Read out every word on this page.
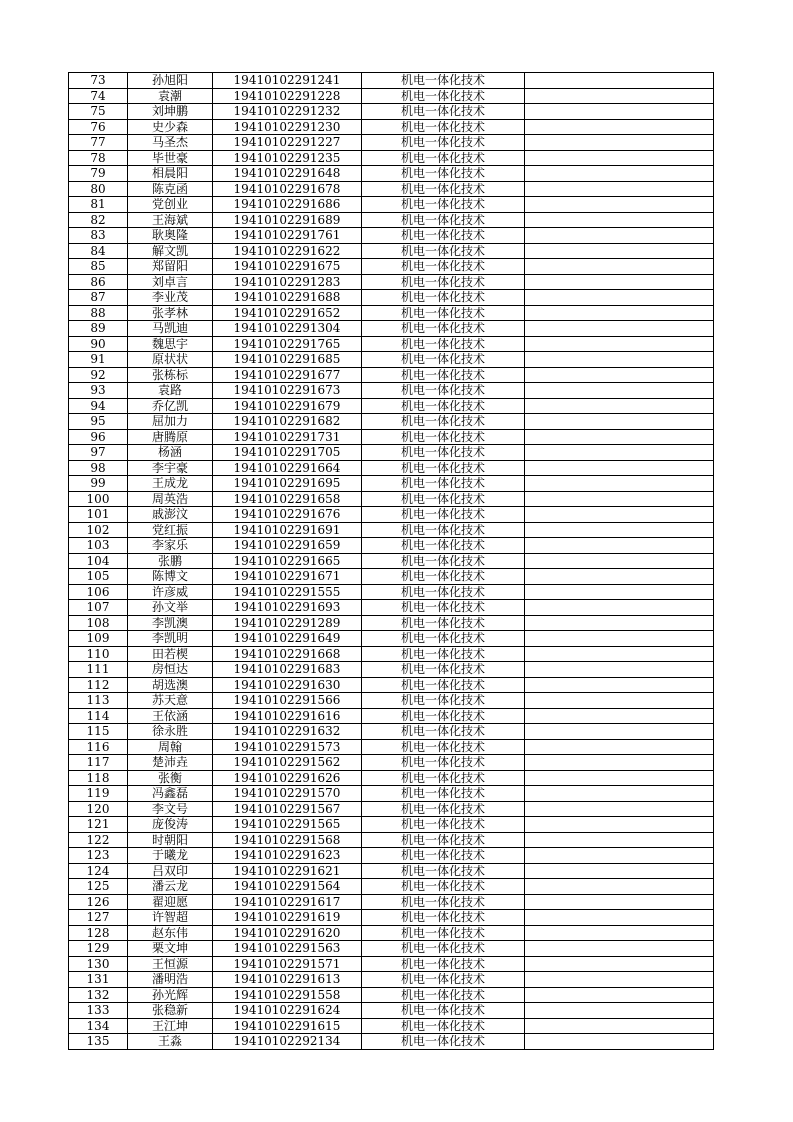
73	孙旭阳	19410102291241	机电一体化技术	
74	袁潮	19410102291228	机电一体化技术	
75	刘坤鹏	19410102291232	机电一体化技术	
76	史少森	19410102291230	机电一体化技术	
77	马圣杰	19410102291227	机电一体化技术	
78	毕世豪	19410102291235	机电一体化技术	
79	相晨阳	19410102291648	机电一体化技术	
80	陈克函	19410102291678	机电一体化技术	
81	党创业	19410102291686	机电一体化技术	
82	王海斌	19410102291689	机电一体化技术	
83	耿奥隆	19410102291761	机电一体化技术	
84	解文凯	19410102291622	机电一体化技术	
85	郑留阳	19410102291675	机电一体化技术	
86	刘卓言	19410102291283	机电一体化技术	
87	李业茂	19410102291688	机电一体化技术	
88	张孝林	19410102291652	机电一体化技术	
89	马凯迪	19410102291304	机电一体化技术	
90	魏思宇	19410102291765	机电一体化技术	
91	原状状	19410102291685	机电一体化技术	
92	张栋标	19410102291677	机电一体化技术	
93	袁路	19410102291673	机电一体化技术	
94	乔亿凯	19410102291679	机电一体化技术	
95	屈加力	19410102291682	机电一体化技术	
96	唐腾原	19410102291731	机电一体化技术	
97	杨涵	19410102291705	机电一体化技术	
98	李宇豪	19410102291664	机电一体化技术	
99	王成龙	19410102291695	机电一体化技术	
100	周英浩	19410102291658	机电一体化技术	
101	戚澎汶	19410102291676	机电一体化技术	
102	党红振	19410102291691	机电一体化技术	
103	李家乐	19410102291659	机电一体化技术	
104	张鹏	19410102291665	机电一体化技术	
105	陈博文	19410102291671	机电一体化技术	
106	许彦威	19410102291555	机电一体化技术	
107	孙文举	19410102291693	机电一体化技术	
108	李凯澳	19410102291289	机电一体化技术	
109	李凯明	19410102291649	机电一体化技术	
110	田若楔	19410102291668	机电一体化技术	
111	房恒达	19410102291683	机电一体化技术	
112	胡选澳	19410102291630	机电一体化技术	
113	苏天意	19410102291566	机电一体化技术	
114	王依涵	19410102291616	机电一体化技术	
115	徐永胜	19410102291632	机电一体化技术	
116	周翰	19410102291573	机电一体化技术	
117	楚沛垚	19410102291562	机电一体化技术	
118	张衡	19410102291626	机电一体化技术	
119	冯鑫磊	19410102291570	机电一体化技术	
120	李文号	19410102291567	机电一体化技术	
121	庞俊涛	19410102291565	机电一体化技术	
122	时朝阳	19410102291568	机电一体化技术	
123	于曦龙	19410102291623	机电一体化技术	
124	吕双印	19410102291621	机电一体化技术	
125	潘云龙	19410102291564	机电一体化技术	
126	翟迎愿	19410102291617	机电一体化技术	
127	许智超	19410102291619	机电一体化技术	
128	赵东伟	19410102291620	机电一体化技术	
129	栗文坤	19410102291563	机电一体化技术	
130	王恒源	19410102291571	机电一体化技术	
131	潘明浩	19410102291613	机电一体化技术	
132	孙光辉	19410102291558	机电一体化技术	
133	张稳新	19410102291624	机电一体化技术	
134	王江坤	19410102291615	机电一体化技术	
135	王淼	19410102292134	机电一体化技术	
